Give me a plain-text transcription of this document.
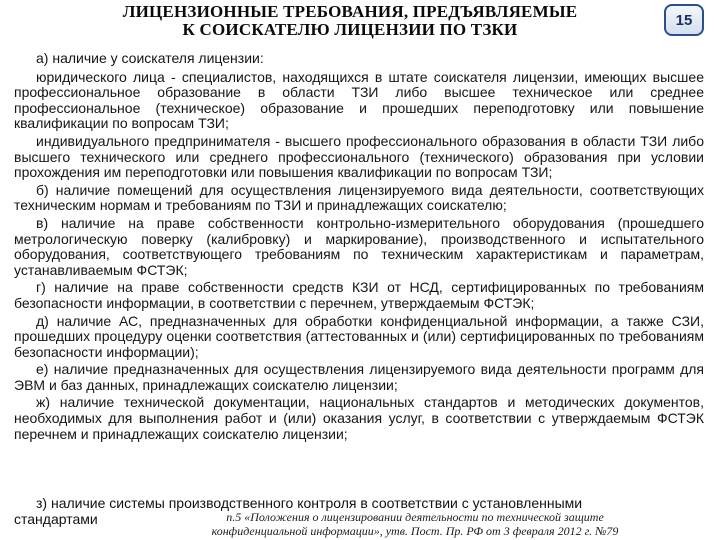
ЛИЦЕНЗИОННЫЕ ТРЕБОВАНИЯ, ПРЕДЪЯВЛЯЕМЫЕ
К СОИСКАТЕЛЮ ЛИЦЕНЗИИ ПО ТЗКИ	15

а) наличие у соискателя лицензии:

юридического лица - специалистов, находящихся в штате соискателя лицензии, имеющих высшее профессиональное образование в области ТЗИ либо высшее техническое или среднее профессиональное (техническое) образование и прошедших переподготовку или повышение квалификации по вопросам ТЗИ;

индивидуального предпринимателя - высшего профессионального образования в области ТЗИ либо высшего технического или среднего профессионального (технического) образования при условии прохождения им переподготовки или повышения квалификации по вопросам ТЗИ;

б) наличие помещений для осуществления лицензируемого вида деятельности, соответствующих техническим нормам и требованиям по ТЗИ и принадлежащих соискателю;

в) наличие на праве собственности контрольно-измерительного оборудования (прошедшего метрологическую поверку (калибровку) и маркирование), производственного и испытательного оборудования, соответствующего требованиям по техническим характеристикам и параметрам, устанавливаемым ФСТЭК;

г) наличие на праве собственности средств КЗИ от НСД, сертифицированных по требованиям безопасности информации, в соответствии с перечнем, утверждаемым ФСТЭК;

д) наличие АС, предназначенных для обработки конфиденциальной информации, а также СЗИ, прошедших процедуру оценки соответствия (аттестованных и (или) сертифицированных по требованиям безопасности информации);

е) наличие предназначенных для осуществления лицензируемого вида деятельности программ для ЭВМ и баз данных, принадлежащих соискателю лицензии;

ж) наличие технической документации, национальных стандартов и методических документов, необходимых для выполнения работ и (или) оказания услуг, в соответствии с утверждаемым ФСТЭК перечнем и принадлежащих соискателю лицензии;

з) наличие системы производственного контроля в соответствии с установленными
стандартами	п.5 «Положения о лицензировании деятельности по технической защите конфиденциальной информации», утв. Пост. Пр. РФ от 3 февраля 2012 г. №79
